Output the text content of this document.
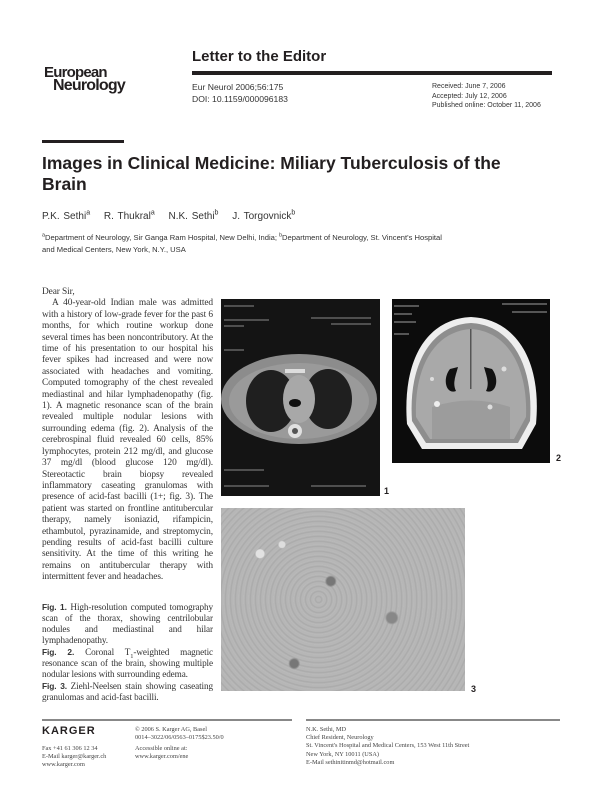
Letter to the Editor
European
Neurology	Eur Neurol 2006;56:175
DOI: 10.1159/000096183
Received: June 7, 2006
Accepted: July 12, 2006
Published online: October 11, 2006
Images in Clinical Medicine: Miliary Tuberculosis of the Brain
P.K. Sethi$^a$ R. Thukral$^a$ N.K. Sethi$^b$ J. Torgovnick$^b$
$^a$Department of Neurology, Sir Ganga Ram Hospital, New Delhi, India; $^b$Department of Neurology, St. Vincent's Hospital and Medical Centers, New York, N.Y., USA

Dear Sir,

A 40-year-old Indian male was admitted with a history of low-grade fever for the past 6 months, for which routine workup done several times has been noncontributory. At the time of his presentation to our hospital his fever spikes had increased and were now associated with headaches and vomiting. Computed tomography of the chest revealed mediastinal and hilar lymphadenopathy (fig. 1). A magnetic resonance scan of the brain revealed multiple nodular lesions with surrounding edema (fig. 2). Analysis of the cerebrospinal fluid revealed 60 cells, 85% lymphocytes, protein 212 mg/dl, and glucose 37 mg/dl (blood glucose 120 mg/dl). Stereotactic brain biopsy revealed inflammatory caseating granulomas with presence of acid-fast bacilli (1+; fig. 3). The patient was started on frontline antitubercular therapy, namely isoniazid, rifampicin, ethambutol, pyrazinamide, and streptomycin, pending results of acid-fast bacilli culture sensitivity. At the time of this writing he remains on antitubercular therapy with intermittent fever and headaches.

Fig. 1. High-resolution computed tomography scan of the thorax, showing centrilobular nodules and mediastinal and hilar lymphadenopathy.

Fig. 2. Coronal $T_1$-weighted magnetic resonance scan of the brain, showing multiple nodular lesions with surrounding edema.

Fig. 3. Ziehl-Neelsen stain showing caseating granulomas and acid-fast bacilli.

1
2
3
KARGER
Fax +41 61 306 12 34
E-Mail karger@karger.ch
www.karger.com
© 2006 S. Karger AG, Basel
0014–3022/06/0563–0175$23.50/0
Accessible online at:
www.karger.com/ene
N.K. Sethi, MD
Chief Resident, Neurology
St. Vincent's Hospital and Medical Centers, 153 West 11th Street
New York, NY 10011 (USA)
E-Mail sethinitinmd@hotmail.com
